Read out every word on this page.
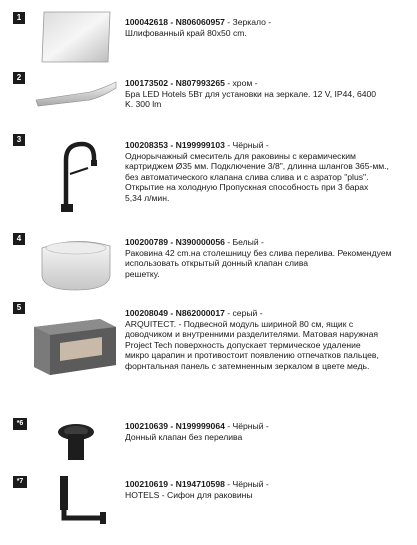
1	100042618 - N806060957 - Зеркало -
Шлифованный край 80x50 cm.
2
100173502 - N807993265 - хром -
Бра LED Hotels 5Вт для установки на зеркале. 12 V, IP44, 6400
K. 300 lm
3
100208353 - N199999103 - Чёрный -
Однорычажный смеситель для раковины с керамическим
картриджем Ø35 мм. Подключение 3/8", длинна шлангов 365-мм.,
без автоматического клапана слива слива и с азратор "plus".
Открытие на холодную Пропускная способность при 3 барах
5,34 л/мин.
4	100200789 - N390000056 - Белый -
Раковина 42 cm.на столешницу без слива перелива. Рекомендуем
использовать открытый донный клапан слива
решетку.
5
100208049 - N862000017 - серый -
ARQUITECT. - Подвесной модуль шириной 80 см, ящик с
доводчиком и внутренними разделителями. Матовая наружная
Project Tech поверхность допускает термическое удаление
микро царапин и противостоит появлению отпечатков пальцев,
форнтальная панель с затемненным зеркалом в цвете медь.
*6	100210639 - N199999064 - Чёрный -
Донный клапан без перелива
*7	100210619 - N194710598 - Чёрный -
HOTELS - Сифон для раковины
